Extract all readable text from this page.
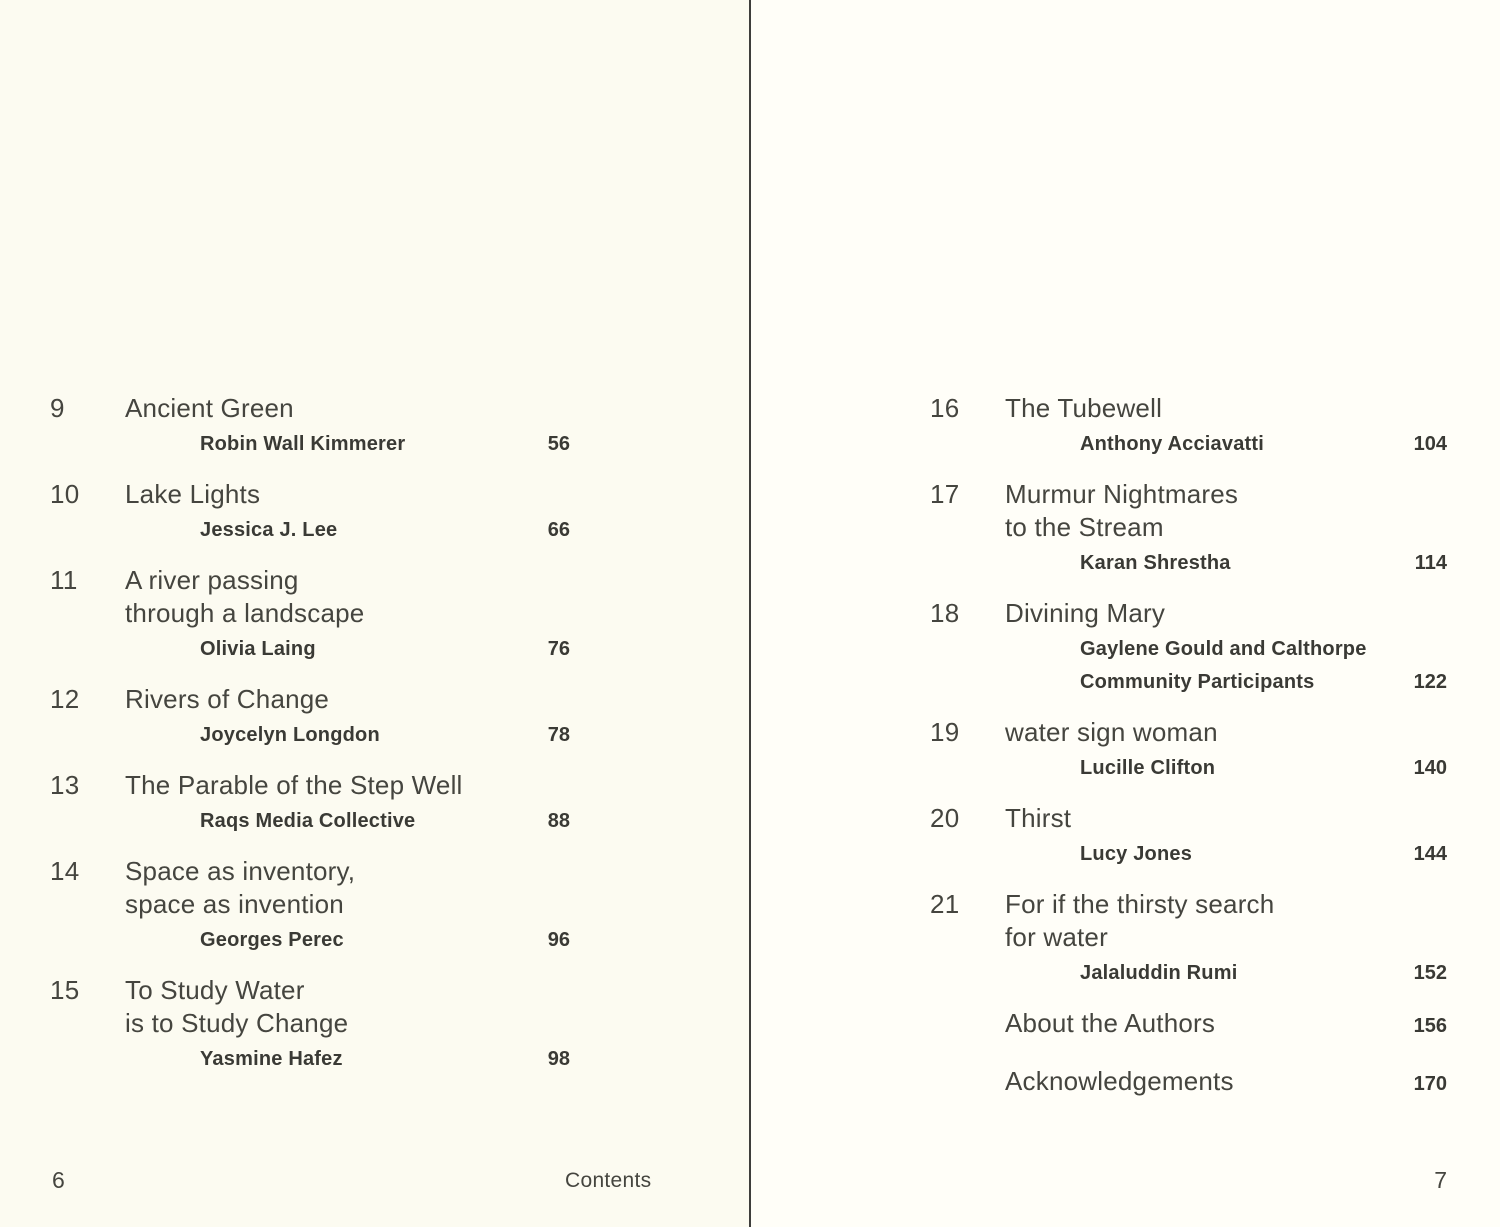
9	Ancient Green
Robin Wall Kimmerer	56
10	Lake Lights
Jessica J. Lee	66
11	A river passing
through a landscape
Olivia Laing	76
12	Rivers of Change
Joycelyn Longdon	78
13	The Parable of the Step Well
Raqs Media Collective	88
14	Space as inventory,
space as invention
Georges Perec	96
15	To Study Water
is to Study Change
Yasmine Hafez	98
6	Contents
16	The Tubewell
Anthony Acciavatti	104
17	Murmur Nightmares
to the Stream
Karan Shrestha	114
18	Divining Mary
Gaylene Gould and Calthorpe
Community Participants	122
19	water sign woman
Lucille Clifton	140
20	Thirst
Lucy Jones	144
21	For if the thirsty search
for water
Jalaluddin Rumi	152
About the Authors	156
Acknowledgements	170
7
